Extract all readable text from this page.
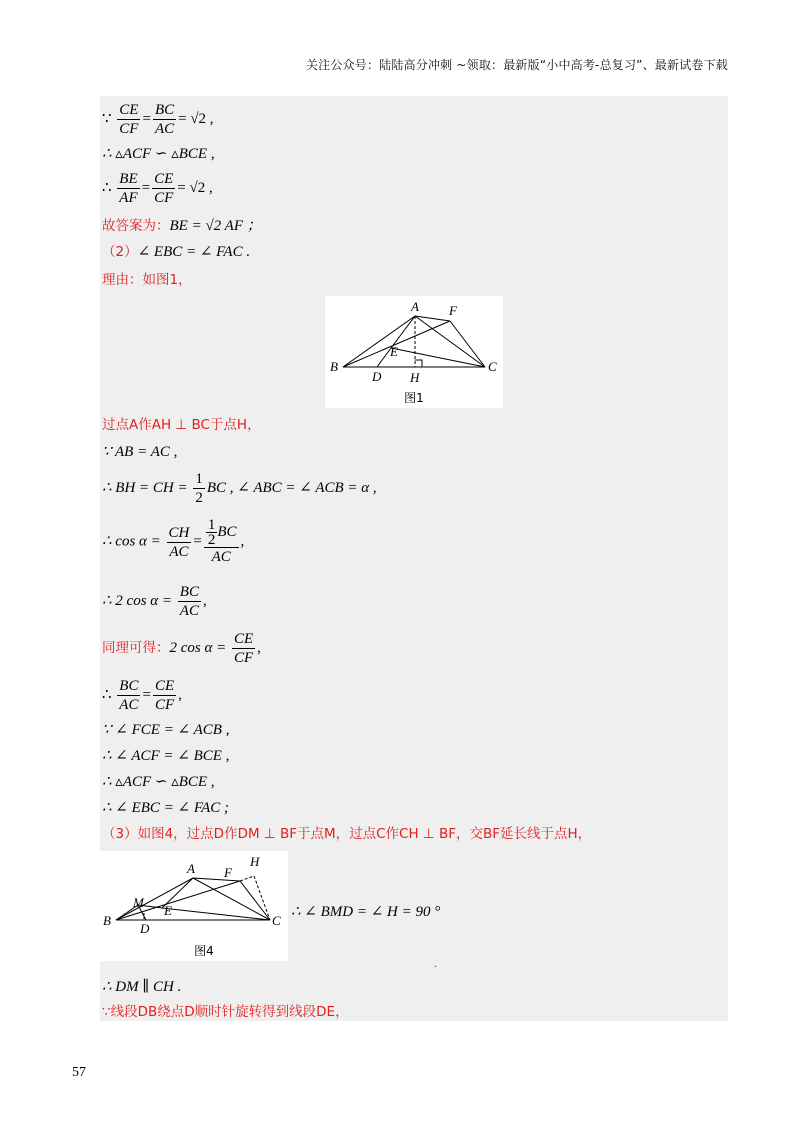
关注公众号：陆陆高分冲刺 ~领取：最新版“小中高考-总复习”、最新试卷下载
∵ $\frac{CE}{CF} = \frac{BC}{AC} = √2$ ,
∴ ▵ACF ∽ ▵BCE ,
∴ $\frac{BE}{AF} = \frac{CE}{CF} = √2$ ,
故答案为：BE = √2 AF ；
（2）∠ EBC = ∠ FAC .
理由：如图1，
A F
E
B
D H
C
图1
过点A作AH ⊥ BC于点H，
∵ AB = AC ,
∴ BH = CH = $\frac{1}{2}$ BC , ∠ ABC = ∠ ACB = α ,
∴ $\cos \alpha = \frac{CH}{AC} = \frac{\frac{1}{2} BC}{AC}$ ,
∴ 2 $\cos \alpha = \frac{BC}{AC}$ ,
同理可得：2 $\cos \alpha = \frac{CE}{CF}$ ,
∴ $\frac{BC}{AC} = \frac{CE}{CF}$ ,
∵ ∠ FCE = ∠ ACB ,
∴ ∠ ACF = ∠ BCE ,
∴ ▵ACF ∽ ▵BCE ,
∴ ∠ EBC = ∠ FAC ;
（3）如图4，过点D作DM ⊥ BF于点M，过点C作CH ⊥ BF，交BF延长线于点H，
A F
H
M
E
B
D
C
图4
∴ ∠ BMD = ∠ H = 90 °
.
∴ DM ∥ CH .
∵线段DB绕点D顺时针旋转得到线段DE，
57
